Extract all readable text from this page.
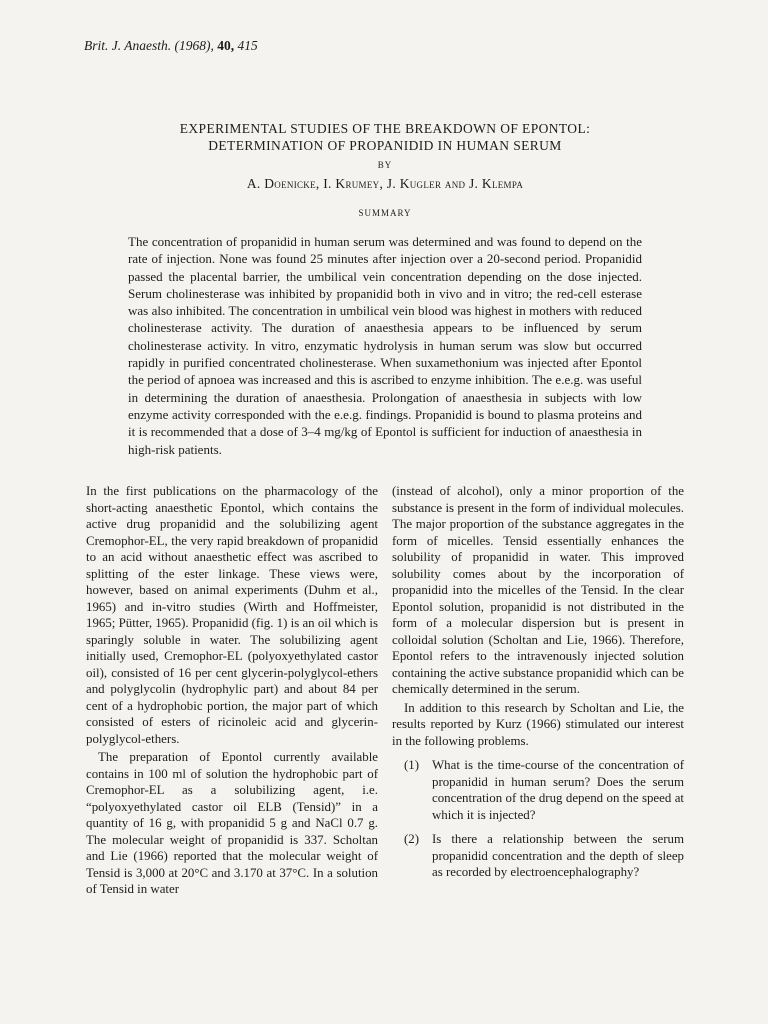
Brit. J. Anaesth. (1968), 40, 415
EXPERIMENTAL STUDIES OF THE BREAKDOWN OF EPONTOL:
DETERMINATION OF PROPANIDID IN HUMAN SERUM
BY
A. Doenicke, I. Krumey, J. Kugler and J. Klempa
SUMMARY
The concentration of propanidid in human serum was determined and was found to depend on the rate of injection. None was found 25 minutes after injection over a 20-second period. Propanidid passed the placental barrier, the umbilical vein concentration depending on the dose injected. Serum cholinesterase was inhibited by propanidid both in vivo and in vitro; the red-cell esterase was also inhibited. The concentration in umbilical vein blood was highest in mothers with reduced cholinesterase activity. The duration of anaesthesia appears to be influenced by serum cholinesterase activity. In vitro, enzymatic hydrolysis in human serum was slow but occurred rapidly in purified concentrated cholinesterase. When suxamethonium was injected after Epontol the period of apnoea was increased and this is ascribed to enzyme inhibition. The e.e.g. was useful in determining the duration of anaesthesia. Prolongation of anaesthesia in subjects with low enzyme activity corresponded with the e.e.g. findings. Propanidid is bound to plasma proteins and it is recommended that a dose of 3–4 mg/kg of Epontol is sufficient for induction of anaesthesia in high-risk patients.

In the first publications on the pharmacology of the short-acting anaesthetic Epontol, which contains the active drug propanidid and the solubilizing agent Cremophor-EL, the very rapid breakdown of propanidid to an acid without anaesthetic effect was ascribed to splitting of the ester linkage. These views were, however, based on animal experiments (Duhm et al., 1965) and in-vitro studies (Wirth and Hoffmeister, 1965; Pütter, 1965). Propanidid (fig. 1) is an oil which is sparingly soluble in water. The solubilizing agent initially used, Cremophor-EL (polyoxyethylated castor oil), consisted of 16 per cent glycerin-polyglycol-ethers and polyglycolin (hydrophylic part) and about 84 per cent of a hydrophobic portion, the major part of which consisted of esters of ricinoleic acid and glycerin-polyglycol-ethers.

The preparation of Epontol currently available contains in 100 ml of solution the hydrophobic part of Cremophor-EL as a solubilizing agent, i.e. “polyoxyethylated castor oil ELB (Tensid)” in a quantity of 16 g, with propanidid 5 g and NaCl 0.7 g. The molecular weight of propanidid is 337. Scholtan and Lie (1966) reported that the molecular weight of Tensid is 3,000 at 20°C and 3.170 at 37°C. In a solution of Tensid in water

(instead of alcohol), only a minor proportion of the substance is present in the form of individual molecules. The major proportion of the substance aggregates in the form of micelles. Tensid essentially enhances the solubility of propanidid in water. This improved solubility comes about by the incorporation of propanidid into the micelles of the Tensid. In the clear Epontol solution, propanidid is not distributed in the form of a molecular dispersion but is present in colloidal solution (Scholtan and Lie, 1966). Therefore, Epontol refers to the intravenously injected solution containing the active substance propanidid which can be chemically determined in the serum.

In addition to this research by Scholtan and Lie, the results reported by Kurz (1966) stimulated our interest in the following problems.

(1)	What is the time-course of the concentration of propanidid in human serum? Does the serum concentration of the drug depend on the speed at which it is injected?
(2)	Is there a relationship between the serum propanidid concentration and the depth of sleep as recorded by electroencephalography?
